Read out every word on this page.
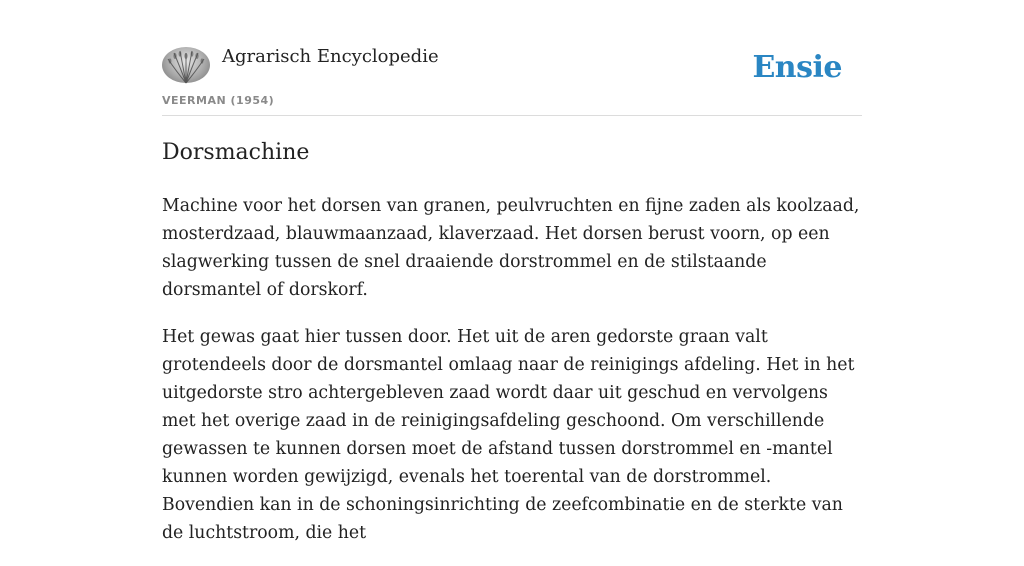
Agrarisch Encyclopedie
VEERMAN (1954)
Ensie
Dorsmachine

Machine voor het dorsen van granen, peulvruchten en fijne zaden als koolzaad, mosterdzaad, blauwmaanzaad, klaverzaad. Het dorsen berust voorn, op een slagwerking tussen de snel draaiende dorstrommel en de stilstaande dorsmantel of dorskorf.

Het gewas gaat hier tussen door. Het uit de aren gedorste graan valt grotendeels door de dorsmantel omlaag naar de reinigings afdeling. Het in het uitgedorste stro achtergebleven zaad wordt daar uit geschud en vervolgens met het overige zaad in de reinigingsafdeling geschoond. Om verschillende gewassen te kunnen dorsen moet de afstand tussen dorstrommel en -mantel kunnen worden gewijzigd, evenals het toerental van de dorstrommel. Bovendien kan in de schoningsinrichting de zeefcombinatie en de sterkte van de luchtstroom, die het
